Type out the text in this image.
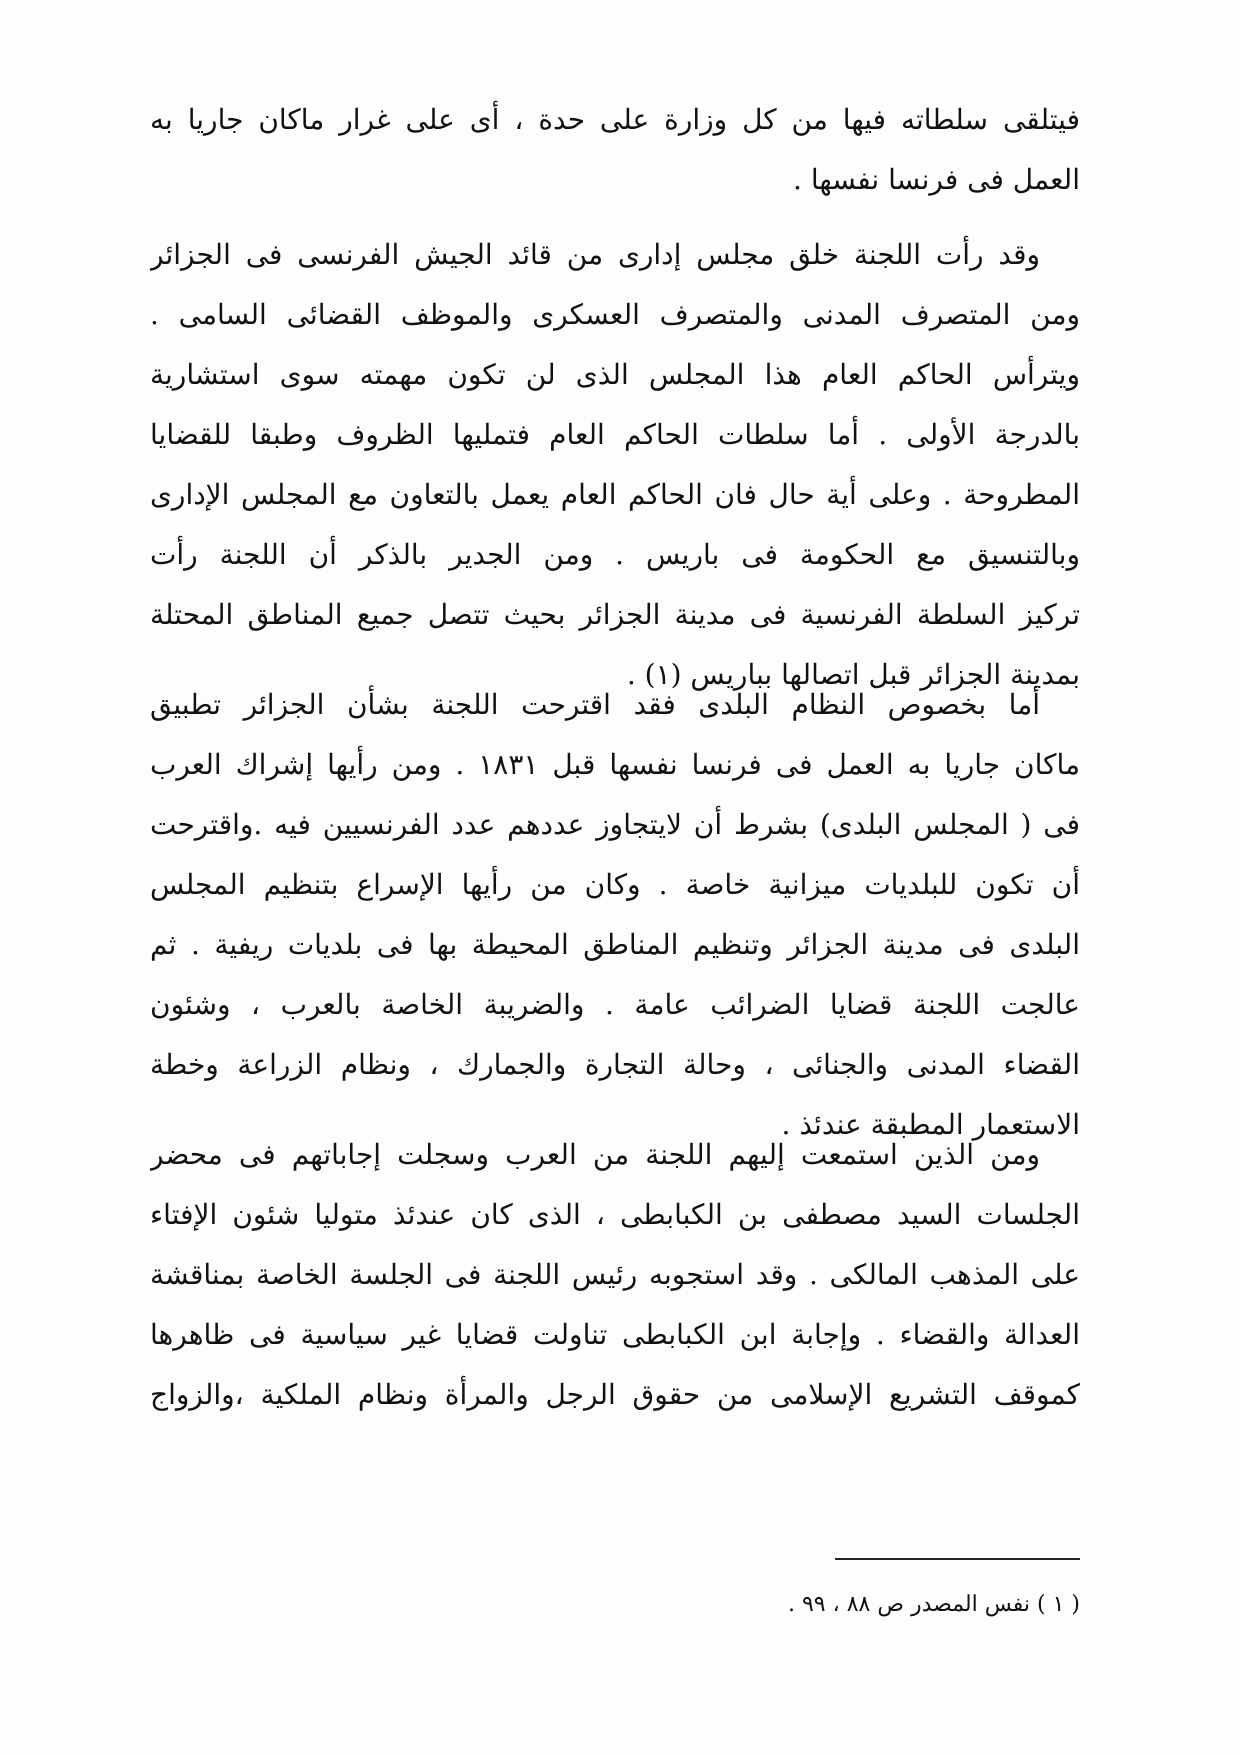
فيتلقى سلطاته فيها من كل وزارة على حدة ، أى على غرار ماكان جاريا به
العمل فى فرنسا نفسها .
وقد رأت اللجنة خلق مجلس إدارى من قائد الجيش الفرنسى فى الجزائر
ومن المتصرف المدنى والمتصرف العسكرى والموظف القضائى السامى .
ويترأس الحاكم العام هذا المجلس الذى لن تكون مهمته سوى استشارية
بالدرجة الأولى . أما سلطات الحاكم العام فتمليها الظروف وطبقا للقضايا
المطروحة . وعلى أية حال فان الحاكم العام يعمل بالتعاون مع المجلس الإدارى
وبالتنسيق مع الحكومة فى باريس . ومن الجدير بالذكر أن اللجنة رأت
تركيز السلطة الفرنسية فى مدينة الجزائر بحيث تتصل جميع المناطق المحتلة
بمدينة الجزائر قبل اتصالها بباريس (١) .
أما بخصوص النظام البلدى فقد اقترحت اللجنة بشأن الجزائر تطبيق
ماكان جاريا به العمل فى فرنسا نفسها قبل ١٨٣١ . ومن رأيها إشراك العرب
فى ( المجلس البلدى) بشرط أن لايتجاوز عددهم عدد الفرنسيين فيه .واقترحت
أن تكون للبلديات ميزانية خاصة . وكان من رأيها الإسراع بتنظيم المجلس
البلدى فى مدينة الجزائر وتنظيم المناطق المحيطة بها فى بلديات ريفية . ثم
عالجت اللجنة قضايا الضرائب عامة . والضريبة الخاصة بالعرب ، وشئون
القضاء المدنى والجنائى ، وحالة التجارة والجمارك ، ونظام الزراعة وخطة
الاستعمار المطبقة عندئذ .
ومن الذين استمعت إليهم اللجنة من العرب وسجلت إجاباتهم فى محضر
الجلسات السيد مصطفى بن الكبابطى ، الذى كان عندئذ متوليا شئون الإفتاء
على المذهب المالكى . وقد استجوبه رئيس اللجنة فى الجلسة الخاصة بمناقشة
العدالة والقضاء . وإجابة ابن الكبابطى تناولت قضايا غير سياسية فى ظاهرها
كموقف التشريع الإسلامى من حقوق الرجل والمرأة ونظام الملكية ،والزواج
( ١ ) نفس المصدر ص ٨٨ ، ٩٩ .
